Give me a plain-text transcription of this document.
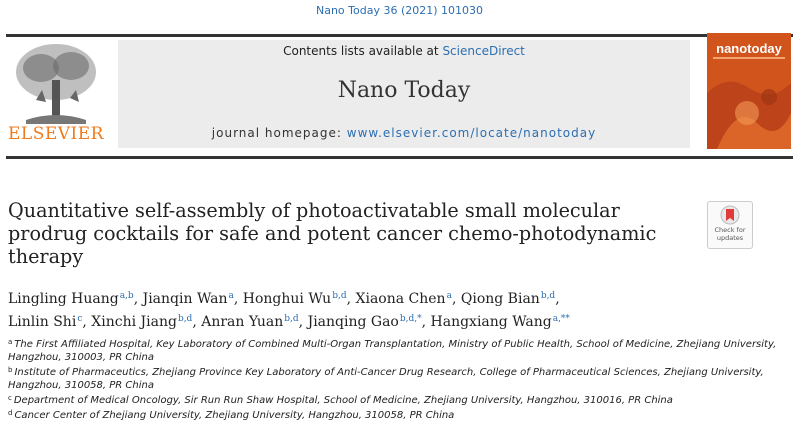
Nano Today 36 (2021) 101030
ELSEVIER
Contents lists available at ScienceDirect
Nano Today
journal homepage: www.elsevier.com/locate/nanotoday
nanotoday
Quantitative self-assembly of photoactivatable small molecular prodrug cocktails for safe and potent cancer chemo-photodynamic therapy
Check for
updates
Lingling Huang$^{a,b}$, Jianqin Wan$^a$, Honghui Wu$^{b,d}$, Xiaona Chen$^a$, Qiong Bian$^{b,d}$,
Linlin Shi$^c$, Xinchi Jiang$^{b,d}$, Anran Yuan$^{b,d}$, Jianqing Gao$^{b,d,*}$, Hangxiang Wang$^{a,**}$

$^a$ The First Affiliated Hospital, Key Laboratory of Combined Multi-Organ Transplantation, Ministry of Public Health, School of Medicine, Zhejiang University, Hangzhou, 310003, PR China

$^b$ Institute of Pharmaceutics, Zhejiang Province Key Laboratory of Anti-Cancer Drug Research, College of Pharmaceutical Sciences, Zhejiang University, Hangzhou, 310058, PR China

$^c$ Department of Medical Oncology, Sir Run Run Shaw Hospital, School of Medicine, Zhejiang University, Hangzhou, 310016, PR China

$^d$ Cancer Center of Zhejiang University, Zhejiang University, Hangzhou, 310058, PR China
